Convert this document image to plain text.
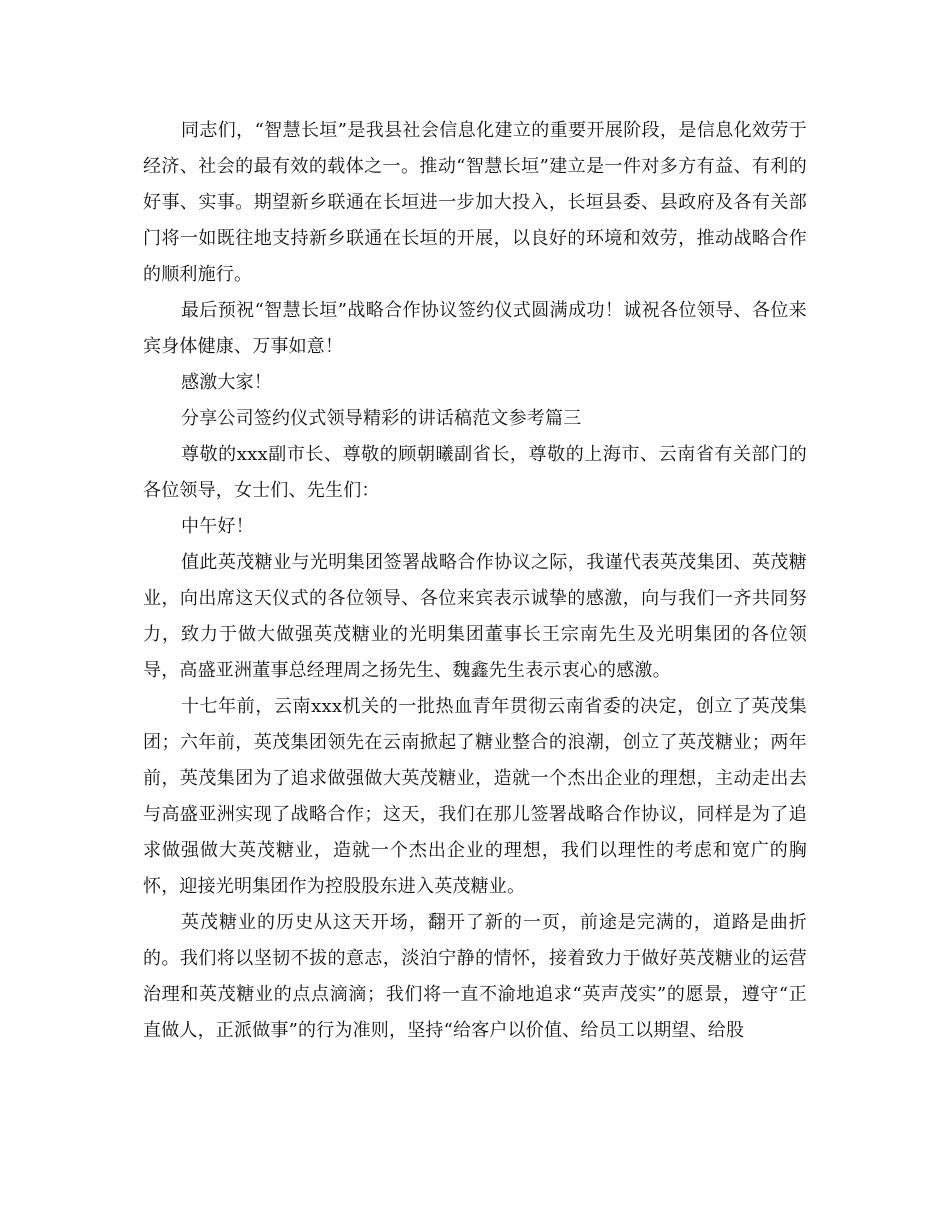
同志们，“智慧长垣”是我县社会信息化建立的重要开展阶段，是信息化效劳于经济、社会的最有效的载体之一。推动“智慧长垣”建立是一件对多方有益、有利的好事、实事。期望新乡联通在长垣进一步加大投入，长垣县委、县政府及各有关部门将一如既往地支持新乡联通在长垣的开展，以良好的环境和效劳，推动战略合作的顺利施行。

最后预祝“智慧长垣”战略合作协议签约仪式圆满成功！诚祝各位领导、各位来宾身体健康、万事如意！

感激大家！

分享公司签约仪式领导精彩的讲话稿范文参考篇三

尊敬的xxx副市长、尊敬的顾朝曦副省长，尊敬的上海市、云南省有关部门的各位领导，女士们、先生们：

中午好！

值此英茂糖业与光明集团签署战略合作协议之际，我谨代表英茂集团、英茂糖业，向出席这天仪式的各位领导、各位来宾表示诚挚的感激，向与我们一齐共同努力，致力于做大做强英茂糖业的光明集团董事长王宗南先生及光明集团的各位领导，高盛亚洲董事总经理周之扬先生、魏鑫先生表示衷心的感激。

十七年前，云南xxx机关的一批热血青年贯彻云南省委的决定，创立了英茂集团；六年前，英茂集团领先在云南掀起了糖业整合的浪潮，创立了英茂糖业；两年前，英茂集团为了追求做强做大英茂糖业，造就一个杰出企业的理想，主动走出去与高盛亚洲实现了战略合作；这天，我们在那儿签署战略合作协议，同样是为了追求做强做大英茂糖业，造就一个杰出企业的理想，我们以理性的考虑和宽广的胸怀，迎接光明集团作为控股股东进入英茂糖业。

英茂糖业的历史从这天开场，翻开了新的一页，前途是完满的，道路是曲折的。我们将以坚韧不拔的意志，淡泊宁静的情怀，接着致力于做好英茂糖业的运营治理和英茂糖业的点点滴滴；我们将一直不渝地追求“英声茂实”的愿景，遵守“正直做人，正派做事”的行为准则，坚持“给客户以价值、给员工以期望、给股
